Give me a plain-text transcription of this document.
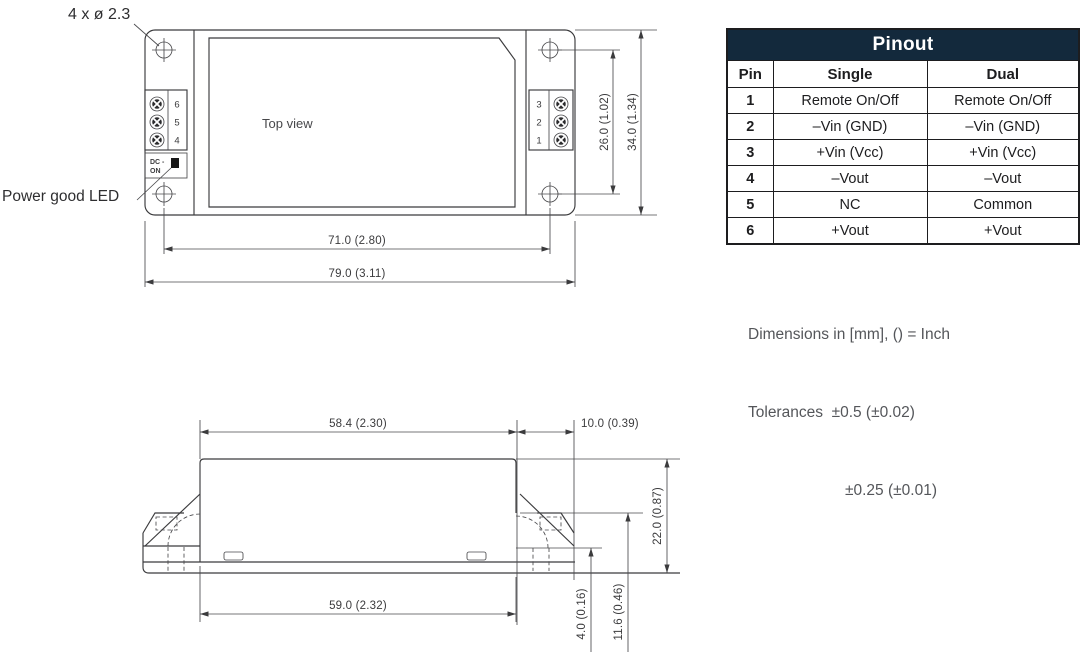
Top view
6
5
4
DC -
ON
3
2
1
4 x ø 2.3
Power good LED
71.0 (2.80)
79.0 (3.11)
26.0 (1.02) 34.0 (1.34)
58.4 (2.30)	10.0 (0.39)
59.0 (2.32)
22.0 (0.87)
11.6 (0.46)
4.0 (0.16)
Pinout		
Pin	Single	Dual
1	Remote On/Off	Remote On/Off
2	–Vin (GND)	–Vin (GND)
3	+Vin (Vcc)	+Vin (Vcc)
4	–Vout	–Vout
5	NC	Common
6	+Vout	+Vout

Dimensions in [mm], () = Inch

Tolerances  ±0.5 (±0.02)

±0.25 (±0.01)
